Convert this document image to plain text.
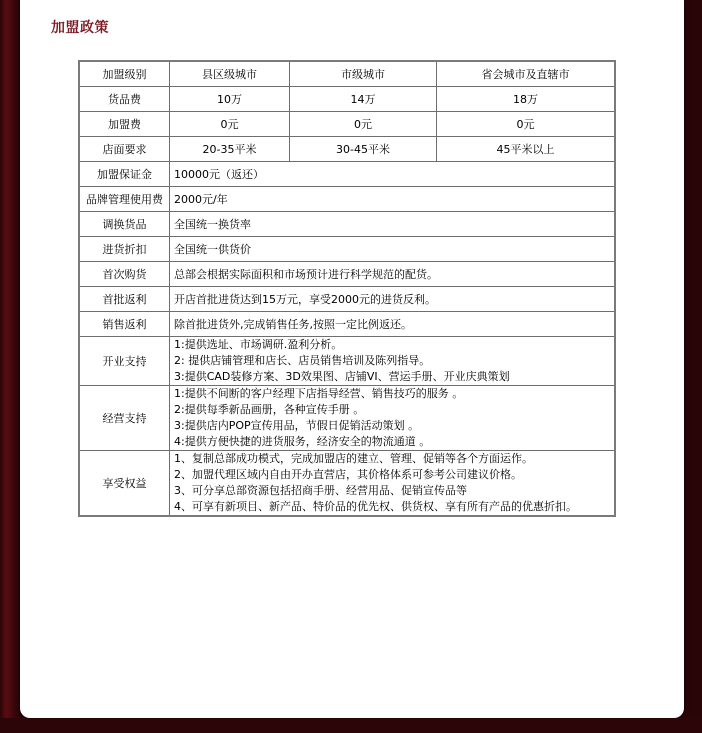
加盟政策
加盟级别	县区级城市	市级城市	省会城市及直辖市
货品费	10万	14万	18万
加盟费	0元	0元	0元
店面要求	20-35平米	30-45平米	45平米以上
加盟保证金	10000元（返还）		
品牌管理使用费	2000元/年		
调换货品	全国统一换货率		
进货折扣	全国统一供货价		
首次购货	总部会根据实际面积和市场预计进行科学规范的配货。		
首批返利	开店首批进货达到15万元，享受2000元的进货反利。		
销售返利	除首批进货外,完成销售任务,按照一定比例返还。		
开业支持	1:提供选址、市场调研.盈利分析。
2: 提供店铺管理和店长、店员销售培训及陈列指导。
3:提供CAD装修方案、3D效果图、店铺VI、营运手册、开业庆典策划		

经营支持	1:提供不间断的客户经理下店指导经营、销售技巧的服务 。
2:提供每季新品画册，各种宣传手册 。
3:提供店内POP宣传用品，节假日促销活动策划 。
4:提供方便快捷的进货服务，经济安全的物流通道 。		

享受权益	1、复制总部成功模式，完成加盟店的建立、管理、促销等各个方面运作。
2、加盟代理区域内自由开办直营店，其价格体系可参考公司建议价格。
3、可分享总部资源包括招商手册、经营用品、促销宣传品等
4、可享有新项目、新产品、特价品的优先权、供货权、享有所有产品的优惠折扣。		
